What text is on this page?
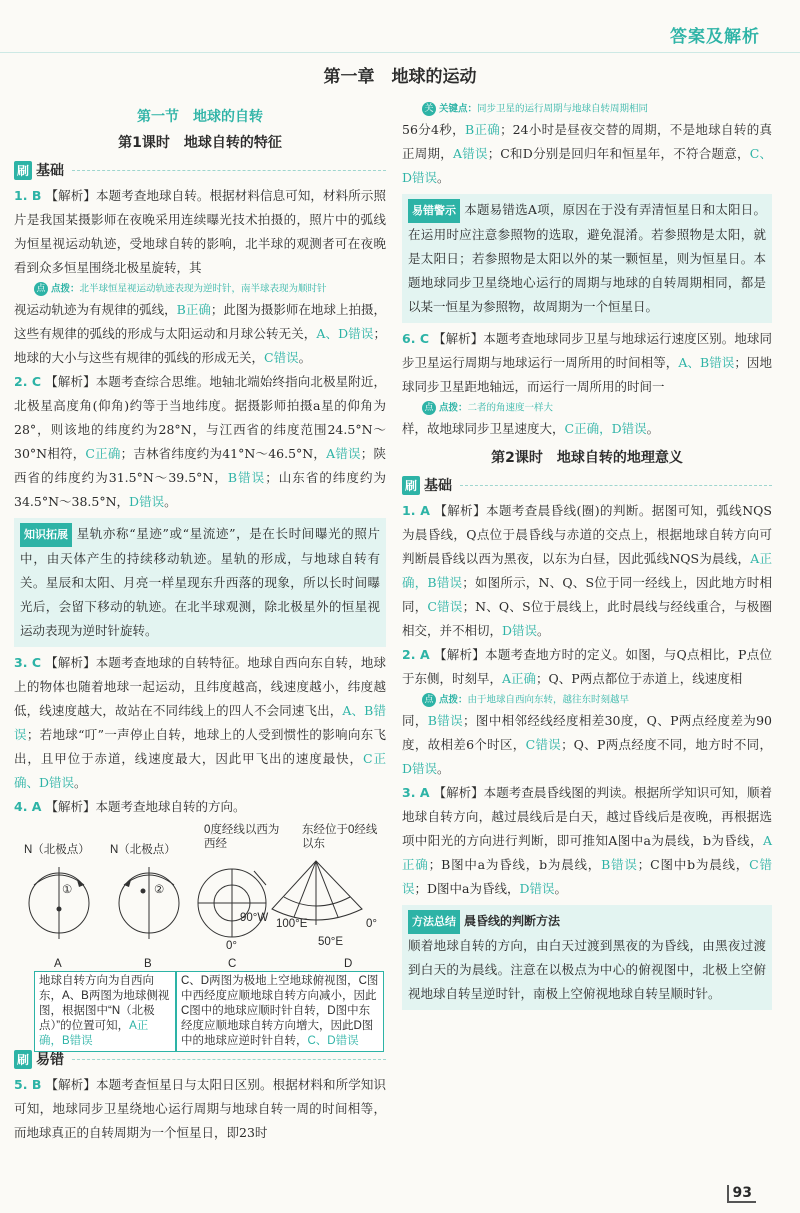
答案及解析
第一章　地球的运动
第一节　地球的自转
第1课时　地球自转的特征
刷 基础

1. B 【解析】本题考查地球自转。根据材料信息可知，材料所示照片是我国某摄影师在夜晚采用连续曝光技术拍摄的，照片中的弧线为恒星视运动轨迹，受地球自转的影响，北半球的观测者可在夜晚看到众多恒星围绕北极星旋转，其

点 点拨：北半球恒星视运动轨迹表现为逆时针，南半球表现为顺时针

视运动轨迹为有规律的弧线，B正确；此图为摄影师在地球上拍摄，这些有规律的弧线的形成与太阳运动和月球公转无关，A、D错误；地球的大小与这些有规律的弧线的形成无关，C错误。

2. C 【解析】本题考查综合思维。地轴北端始终指向北极星附近，北极星高度角(仰角)约等于当地纬度。据摄影师拍摄a星的仰角为28°，则该地的纬度约为28°N，与江西省的纬度范围24.5°N～30°N相符，C正确；吉林省纬度约为41°N～46.5°N，A错误；陕西省的纬度约为31.5°N～39.5°N，B错误；山东省的纬度约为34.5°N～38.5°N，D错误。

知识拓展 星轨亦称“星迹”或“星流迹”，是在长时间曝光的照片中，由天体产生的持续移动轨迹。星轨的形成，与地球自转有关。星辰和太阳、月亮一样星现东升西落的现象，所以长时间曝光后，会留下移动的轨迹。在北半球观测，除北极星外的恒星视运动表现为逆时针旋转。

3. C 【解析】本题考查地球的自转特征。地球自西向东自转，地球上的物体也随着地球一起运动，且纬度越高，线速度越小，纬度越低，线速度越大，故站在不同纬线上的四人不会同速飞出，A、B错误；若地球“叮”一声停止自转，地球上的人受到惯性的影响向东飞出，且甲位于赤道，线速度最大，因此甲飞出的速度最快，C正确、D错误。

4. A 【解析】本题考查地球自转的方向。

N（北极点） N（北极点）
①	②
0度经线以西为西经
东经位于0经线以东
90°W
0°
100°E	0°
50°E
A	B	C	D
地球自转方向为自西向东，A、B两图为地球侧视图，根据图中“N（北极点）”的位置可知，A正确，B错误
C、D两图为极地上空地球俯视图，C图中西经度应顺地球自转方向减小，因此C图中的地球应顺时针自转，D图中东经度应顺地球自转方向增大，因此D图中的地球应逆时针自转，C、D错误
刷 易错

5. B 【解析】本题考查恒星日与太阳日区别。根据材料和所学知识可知，地球同步卫星绕地心运行周期与地球自转一周的时间相等，而地球真正的自转周期为一个恒星日，即23时

关 关键点：同步卫星的运行周期与地球自转周期相同

56分4秒，B正确；24小时是昼夜交替的周期，不是地球自转的真正周期，A错误；C和D分别是回归年和恒星年，不符合题意，C、D错误。

易错警示 本题易错选A项，原因在于没有弄清恒星日和太阳日。在运用时应注意参照物的选取，避免混淆。若参照物是太阳，就是太阳日；若参照物是太阳以外的某一颗恒星，则为恒星日。本题地球同步卫星绕地心运行的周期与地球的自转周期相同，都是以某一恒星为参照物，故周期为一个恒星日。

6. C 【解析】本题考查地球同步卫星与地球运行速度区别。地球同步卫星运行周期与地球运行一周所用的时间相等，A、B错误；因地球同步卫星距地轴远，而运行一周所用的时间一

点 点拨：二者的角速度一样大

样，故地球同步卫星速度大，C正确，D错误。

第2课时　地球自转的地理意义
刷 基础

1. A 【解析】本题考查晨昏线(圈)的判断。据图可知，弧线NQS为晨昏线，Q点位于晨昏线与赤道的交点上，根据地球自转方向可判断晨昏线以西为黑夜，以东为白昼，因此弧线NQS为晨线，A正确，B错误；如图所示，N、Q、S位于同一经线上，因此地方时相同，C错误；N、Q、S位于晨线上，此时晨线与经线重合，与极圈相交，并不相切，D错误。

2. A 【解析】本题考查地方时的定义。如图，与Q点相比，P点位于东侧，时刻早，A正确；Q、P两点都位于赤道上，线速度相

点 点拨：由于地球自西向东转，越往东时刻越早

同，B错误；图中相邻经线经度相差30度，Q、P两点经度差为90度，故相差6个时区，C错误；Q、P两点经度不同，地方时不同，D错误。

3. A 【解析】本题考查晨昏线图的判读。根据所学知识可知，顺着地球自转方向，越过晨线后是白天，越过昏线后是夜晚，再根据选项中阳光的方向进行判断，即可推知A图中a为晨线，b为昏线，A正确；B图中a为昏线，b为晨线，B错误；C图中b为晨线，C错误；D图中a为昏线，D错误。

方法总结 晨昏线的判断方法

顺着地球自转的方向，由白天过渡到黑夜的为昏线，由黑夜过渡到白天的为晨线。注意在以极点为中心的俯视图中，北极上空俯视地球自转呈逆时针，南极上空俯视地球自转呈顺时针。

93
